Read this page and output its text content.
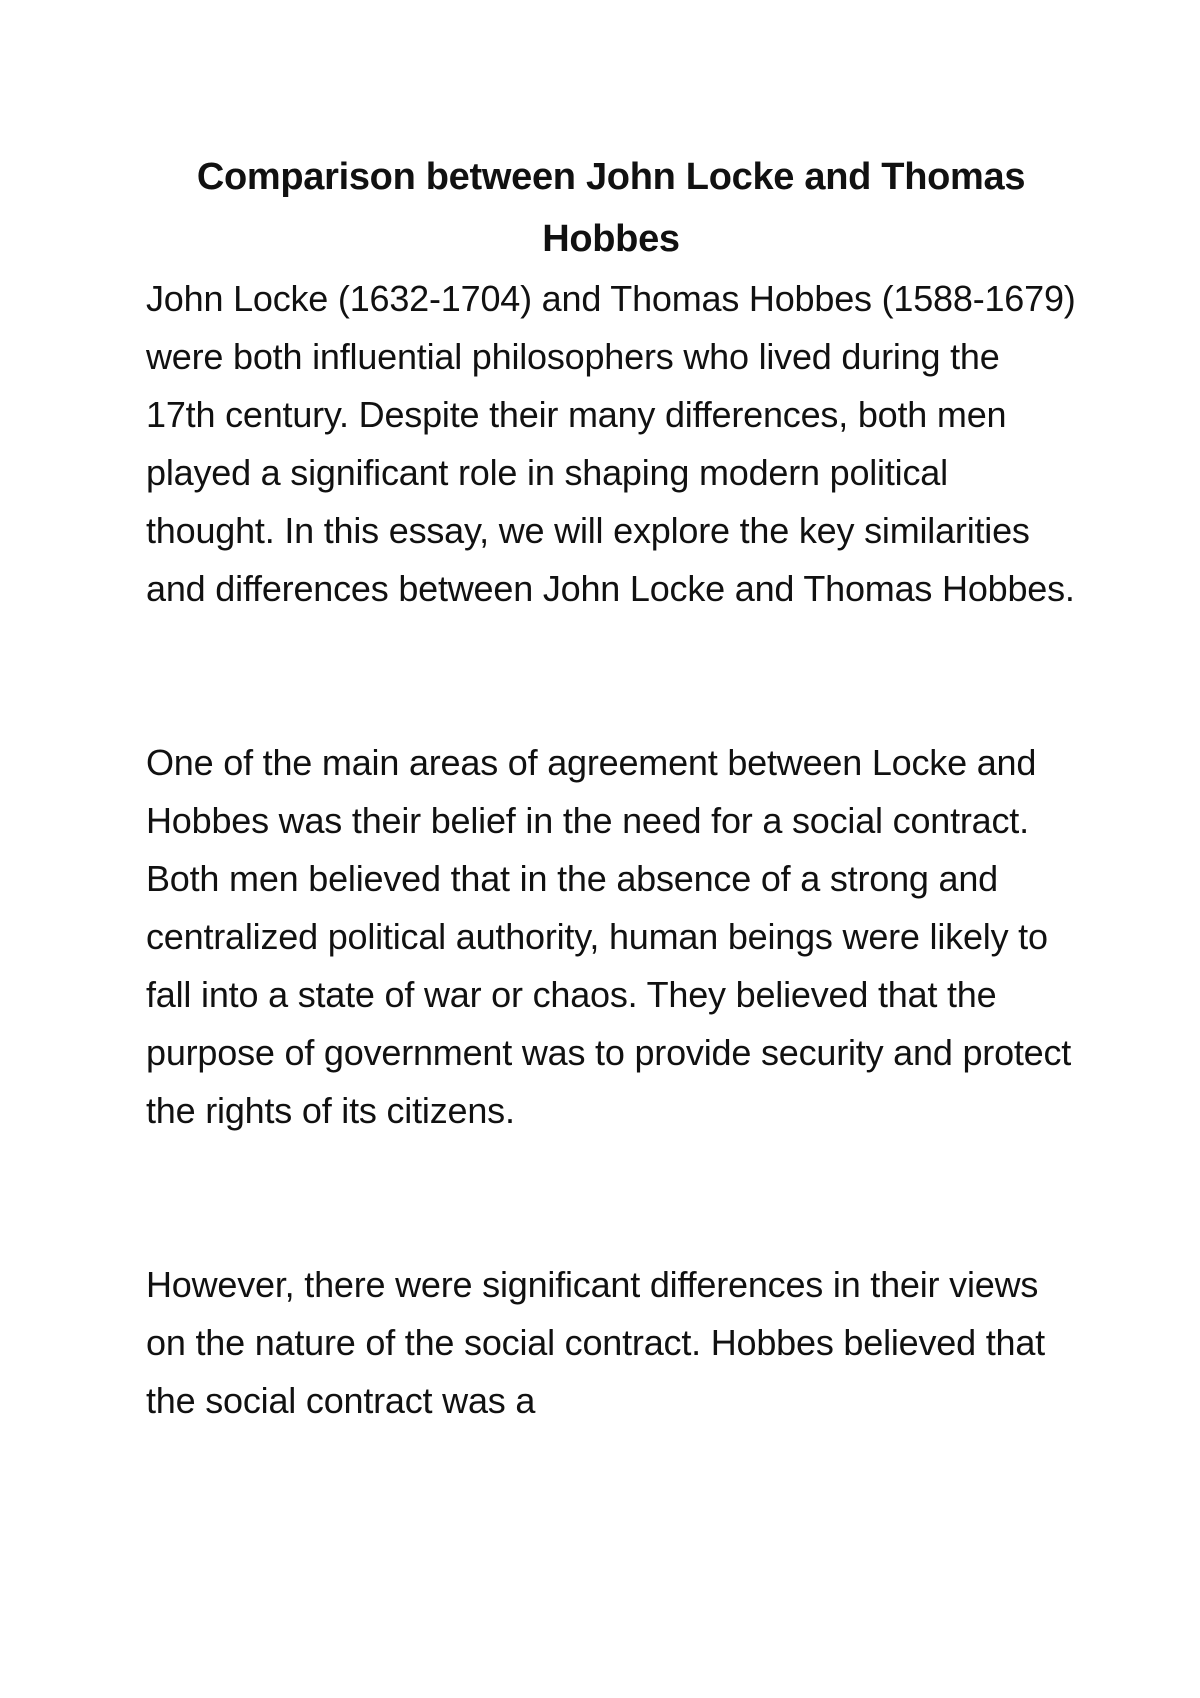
Comparison between John Locke and Thomas Hobbes

John Locke (1632-1704) and Thomas Hobbes (1588-1679) were both influential philosophers who lived during the 17th century. Despite their many differences, both men played a significant role in shaping modern political thought. In this essay, we will explore the key similarities and differences between John Locke and Thomas Hobbes.

One of the main areas of agreement between Locke and Hobbes was their belief in the need for a social contract. Both men believed that in the absence of a strong and centralized political authority, human beings were likely to fall into a state of war or chaos. They believed that the purpose of government was to provide security and protect the rights of its citizens.

However, there were significant differences in their views on the nature of the social contract. Hobbes believed that the social contract was a
